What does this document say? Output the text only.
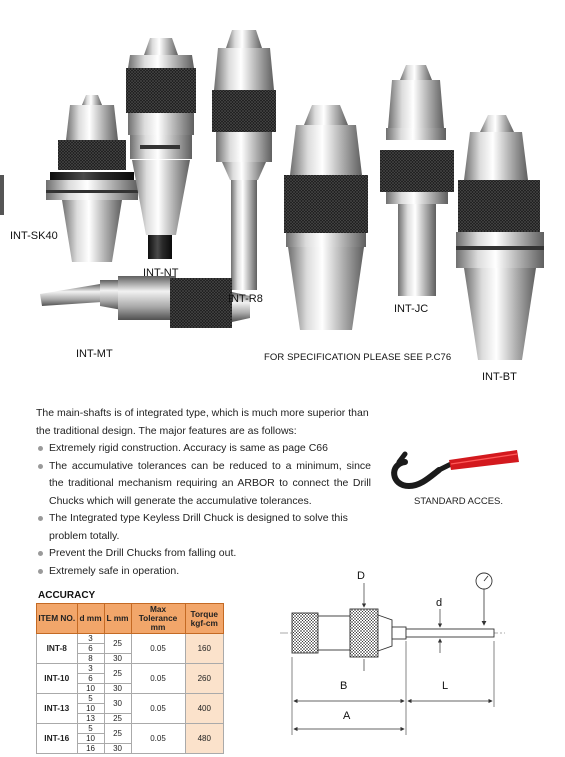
INT-SK40
INT-NT
INT-R8
INT-JC
INT-MT
INT-BT
FOR SPECIFICATION PLEASE SEE P.C76
The main-shafts is of integrated type, which is much more superior than the traditional design. The major features are as follows:
Extremely rigid construction. Accuracy is same as page C66
The accumulative tolerances can be reduced to a minimum, since the traditional mechanism requiring an ARBOR to connect the Drill Chucks which will generate the accumulative tolerances.
The Integrated type Keyless Drill Chuck is designed to solve this problem totally.
Prevent the Drill Chucks from falling out.
Extremely safe in operation.
STANDARD ACCES.
ACCURACY
ITEM NO.	d mm	L mm	Max Tolerance mm	Torque kgf-cm
INT-8	3	25	0.05	160
	6			
	8	30		
INT-10	3	25	0.05	260
	6			
	10	30		
INT-13	5	30	0.05	400
	10			
	13	25		
INT-16	5	25	0.05	480
	10			
	16	30		
D
d
B	L
A
